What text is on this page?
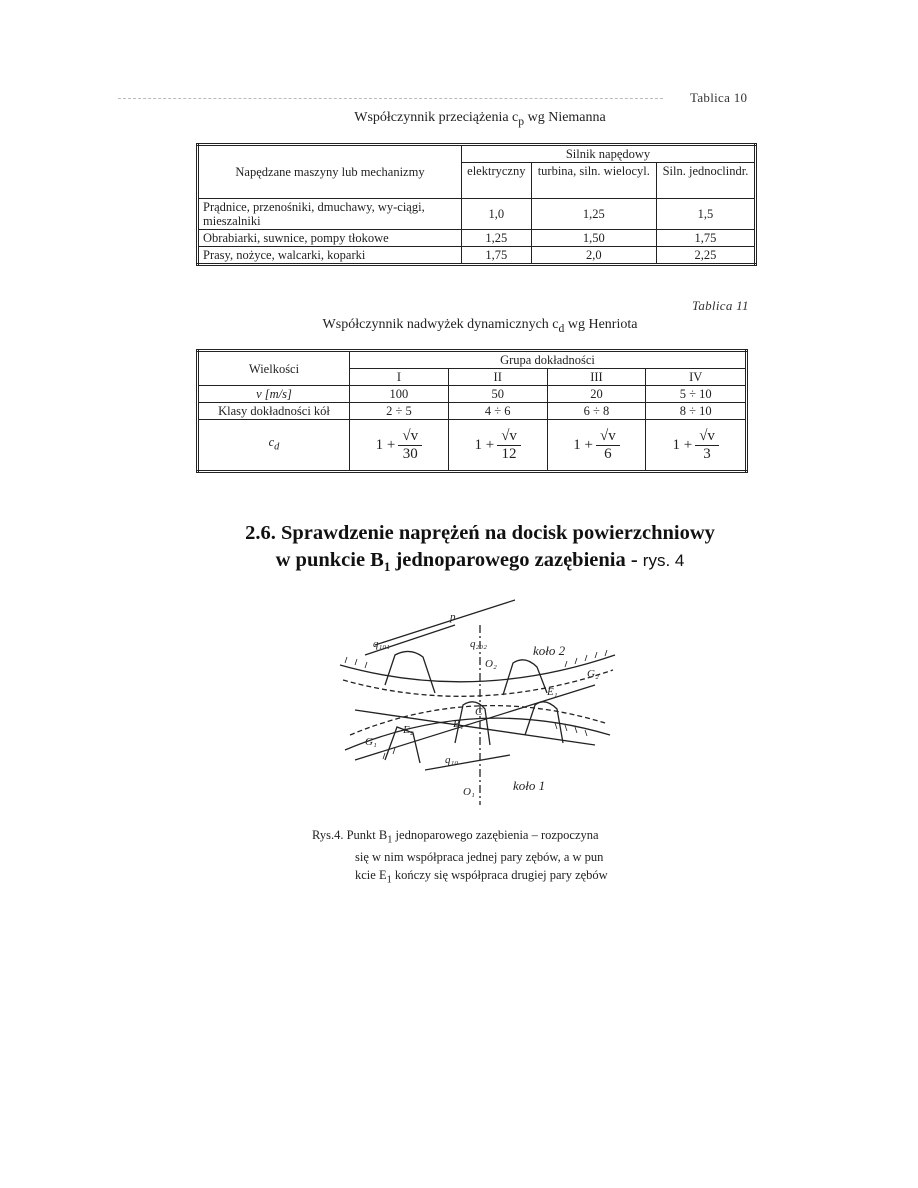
Tablica 10
Współczynnik przeciążenia $c_p$ wg Niemanna
Napędzane maszyny lub mechanizmy	Silnik napędowy		
	elektryczny	turbina, siln. wielocyl.	Siln. jednoclindr.
Prądnice, przenośniki, dmuchawy, wy-ciągi, mieszalniki	1,0	1,25	1,5
Obrabiarki, suwnice, pompy tłokowe	1,25	1,50	1,75
Prasy, nożyce, walcarki, koparki	1,75	2,0	2,25
Tablica 11
Współczynnik nadwyżek dynamicznych $c_d$ wg Henriota
Wielkości	Grupa dokładności			
	I	II	III	IV
v [m/s]	100	50	20	5 ÷ 10
Klasy dokładności kół	2 ÷ 5	4 ÷ 6	6 ÷ 8	8 ÷ 10
$c_d$	$1 + \frac{√v}{30}$	$1 + \frac{√v}{12}$	$1 + \frac{√v}{6}$	$1 + \frac{√v}{3}$
2.6. Sprawdzenie naprężeń na docisk powierzchniowy
w punkcie $B_1$ jednoparowego zazębienia - rys. 4
p
q₁₀₁	q₂₀₂	koło 2
O₂
C
B₁
E₁
E₂
G₁
G₂
q₁₀
O₁	koło 1
Rys.4. Punkt $B_1$ jednoparowego zazębienia – rozpoczyna
się w nim współpraca jednej pary zębów, a w pun
kcie $E_1$ kończy się współpraca drugiej pary zębów
